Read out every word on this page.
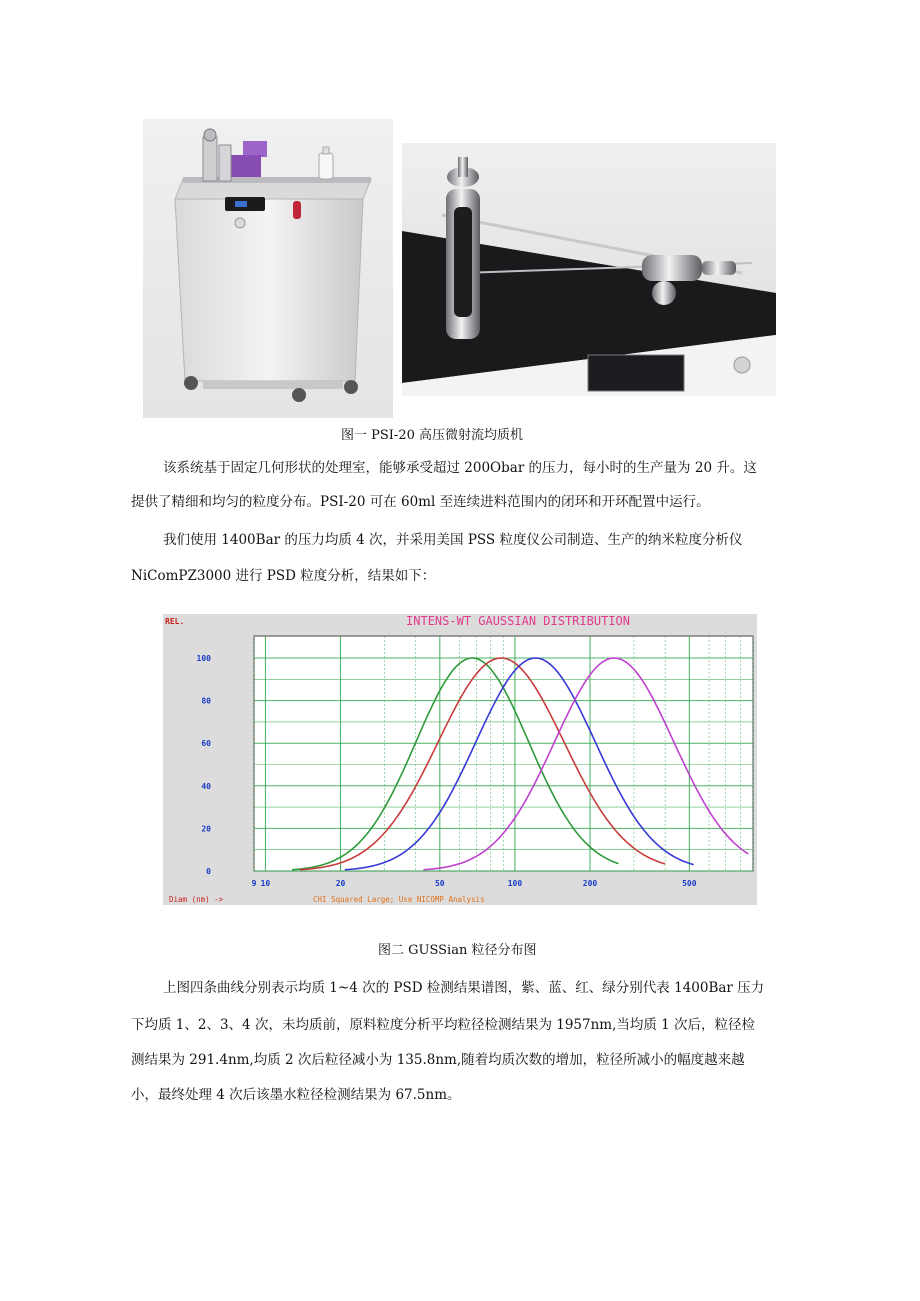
图一 PSI-20 高压微射流均质机
该系统基于固定几何形状的处理室，能够承受超过 200Obar 的压力，每小时的生产量为 20 升。这
提供了精细和均匀的粒度分布。PSI-20 可在 60ml 至连续进料范围内的闭环和开环配置中运行。
我们使用 1400Bar 的压力均质 4 次，并采用美国 PSS 粒度仪公司制造、生产的纳米粒度分析仪
NiComPZ3000 进行 PSD 粒度分析，结果如下：
INTENS-WT GAUSSIAN DISTRIBUTION
REL.
Diam (nm) ->	CHI Squared Large; Use NICOMP Analysis
100
80
60
40
20
0
9 10	20	50	100	200	500
图二 GUSSian 粒径分布图
上图四条曲线分别表示均质 1~4 次的 PSD 检测结果谱图，紫、蓝、红、绿分别代表 1400Bar 压力
下均质 1、2、3、4 次，未均质前，原料粒度分析平均粒径检测结果为 1957nm,当均质 1 次后，粒径检
测结果为 291.4nm,均质 2 次后粒径减小为 135.8nm,随着均质次数的增加，粒径所减小的幅度越来越
小，最终处理 4 次后该墨水粒径检测结果为 67.5nm。
